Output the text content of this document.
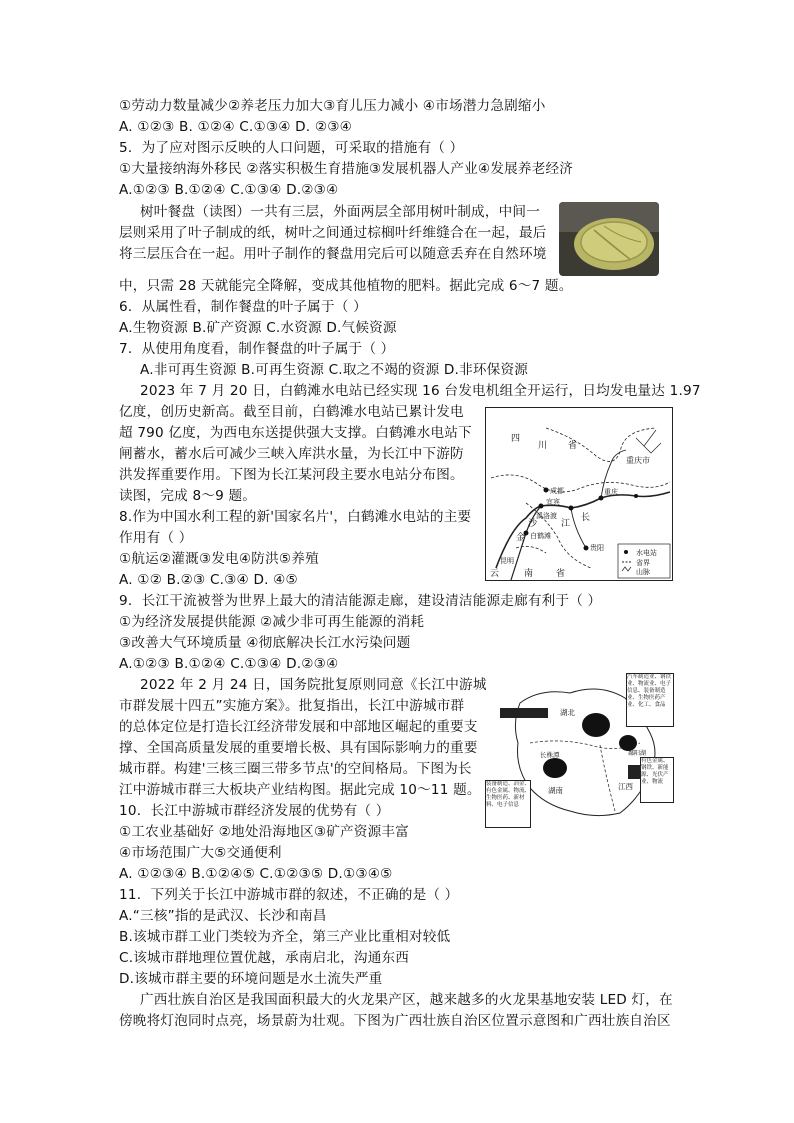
①劳动力数量减少②养老压力加大③育儿压力减小 ④市场潜力急剧缩小
A. ①②③ B. ①②④ C.①③④ D. ②③④
5．为了应对图示反映的人口问题，可采取的措施有（ ）
①大量接纳海外移民 ②落实积极生育措施③发展机器人产业④发展养老经济
A.①②③ B.①②④ C.①③④ D.②③④
树叶餐盘（读图）一共有三层，外面两层全部用树叶制成，中间一
层则采用了叶子制成的纸，树叶之间通过棕榈叶纤维缝合在一起，最后
将三层压合在一起。用叶子制作的餐盘用完后可以随意丢弃在自然环境
中，只需 28 天就能完全降解，变成其他植物的肥料。据此完成 6～7 题。
6．从属性看，制作餐盘的叶子属于（ ）
A.生物资源 B.矿产资源 C.水资源 D.气候资源
7．从使用角度看，制作餐盘的叶子属于（ ）
A.非可再生资源 B.可再生资源 C.取之不竭的资源 D.非环保资源
2023 年 7 月 20 日，白鹤滩水电站已经实现 16 台发电机组全开运行，日均发电量达 1.97
亿度，创历史新高。截至目前，白鹤滩水电站已累计发电
超 790 亿度，为西电东送提供强大支撑。白鹤滩水电站下
闸蓄水，蓄水后可减少三峡入库洪水量，为长江中下游防
洪发挥重要作用。下图为长江某河段主要水电站分布图。
读图，完成 8～9 题。
8.作为中国水利工程的新'国家名片'，白鹤滩水电站的主要
作用有（ ）
①航运②灌溉③发电④防洪⑤养殖
A. ①② B.②③ C.③④ D. ④⑤
四
川 省
重庆市
云	南	省
成都	重庆
宜宾
贵阳
昆明
白鹤滩
溪洛渡	长
江
金
沙
水电站
省界
山脉
9．长江干流被誉为世界上最大的清洁能源走廊，建设清洁能源走廊有利于（ ）
①为经济发展提供能源 ②减少非可再生能源的消耗
③改善大气环境质量 ④彻底解决长江水污染问题
A.①②③ B.①②④ C.①③④ D.②③④
2022 年 2 月 24 日，国务院批复原则同意《长江中游城
市群发展十四五”实施方案》。批复指出，长江中游城市群
的总体定位是打造长江经济带发展和中部地区崛起的重要支
撑、全国高质量发展的重要增长极、具有国际影响力的重要
城市群。构建'三核三圈三带多节点'的空间格局。下图为长
江中游城市群三大板块产业结构图。据此完成 10～11 题。
10．长江中游城市群经济发展的优势有（ ）
①工农业基础好 ②地处沿海地区③矿产资源丰富
④市场范围广大⑤交通便利
A. ①②③④ B.①②④⑤ C.①②③⑤ D.①③④⑤
湖北
湖南	江西
长株潭	鄱阳湖
汽车制造业、钢铁业、物流业、电子信息、装备制造业、生物医药产业、化工、食品
装备制造、冶金、有色金属、物流、生物医药、新材料、电子信息
有色金属、钢铁、新能源、光伏产业、物流
11．下列关于长江中游城市群的叙述，不正确的是（ ）
A.“三核”指的是武汉、长沙和南昌
B.该城市群工业门类较为齐全，第三产业比重相对较低
C.该城市群地理位置优越，承南启北，沟通东西
D.该城市群主要的环境问题是水土流失严重
广西壮族自治区是我国面积最大的火龙果产区，越来越多的火龙果基地安装 LED 灯，在
傍晚将灯泡同时点亮，场景蔚为壮观。下图为广西壮族自治区位置示意图和广西壮族自治区
